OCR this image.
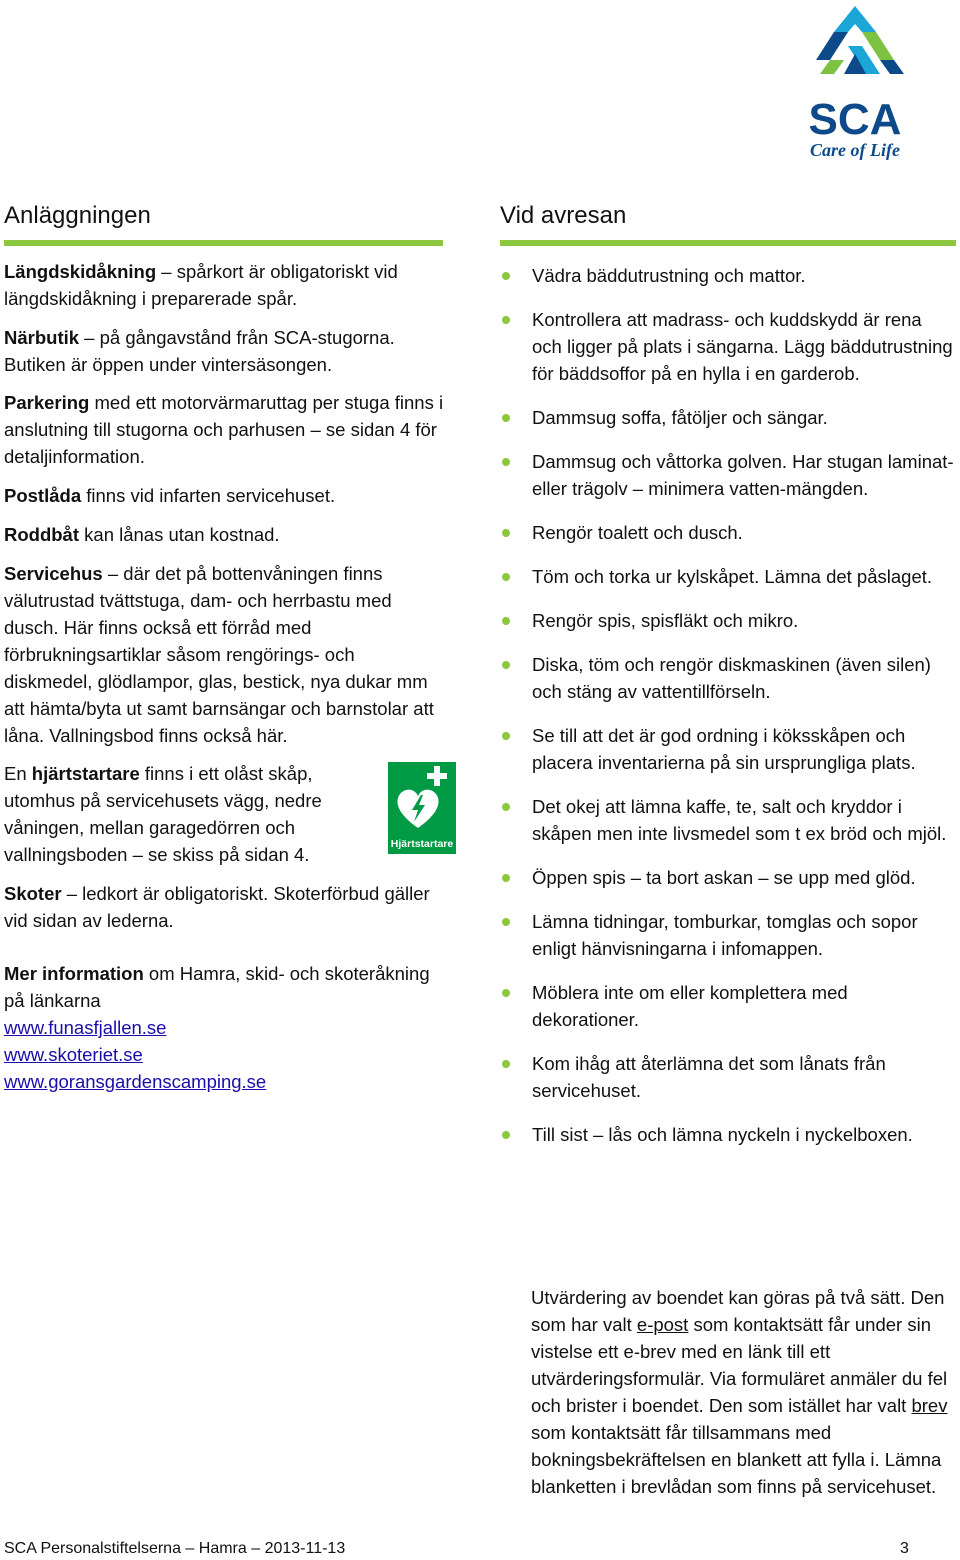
SCA
Care of Life
Anläggningen

Längdskidåkning – spårkort är obligatoriskt vid längdskidåkning i preparerade spår.

Närbutik – på gångavstånd från SCA-stugorna. Butiken är öppen under vintersäsongen.

Parkering med ett motorvärmaruttag per stuga finns i anslutning till stugorna och parhusen – se sidan 4 för detaljinformation.

Postlåda finns vid infarten servicehuset.

Roddbåt kan lånas utan kostnad.

Servicehus – där det på bottenvåningen finns välutrustad tvättstuga, dam- och herrbastu med dusch. Här finns också ett förråd med förbrukningsartiklar såsom rengörings- och diskmedel, glödlampor, glas, bestick, nya dukar mm att hämta/byta ut samt barnsängar och barnstolar att låna. Vallningsbod finns också här.

En hjärtstartare finns i ett olåst skåp, utomhus på servicehusets vägg, nedre våningen, mellan garagedörren och vallningsboden – se skiss på sidan 4.	Hjärtstartare

Skoter – ledkort är obligatoriskt. Skoterförbud gäller vid sidan av lederna.

Mer information om Hamra, skid- och skoteråkning på länkarna

www.funasfjallen.se
www.skoteriet.se
www.goransgardenscamping.se
Vid avresan
Vädra bäddutrustning och mattor.
Kontrollera att madrass- och kuddskydd är rena och ligger på plats i sängarna. Lägg bäddutrustning för bäddsoffor på en hylla i en garderob.
Dammsug soffa, fåtöljer och sängar.
Dammsug och våttorka golven. Har stugan laminat- eller trägolv – minimera vatten-mängden.
Rengör toalett och dusch.
Töm och torka ur kylskåpet. Lämna det påslaget.
Rengör spis, spisfläkt och mikro.
Diska, töm och rengör diskmaskinen (även silen) och stäng av vattentillförseln.
Se till att det är god ordning i köksskåpen och placera inventarierna på sin ursprungliga plats.
Det okej att lämna kaffe, te, salt och kryddor i skåpen men inte livsmedel som t ex bröd och mjöl.
Öppen spis – ta bort askan – se upp med glöd.
Lämna tidningar, tomburkar, tomglas och sopor enligt hänvisningarna i infomappen.
Möblera inte om eller komplettera med dekorationer.
Kom ihåg att återlämna det som lånats från servicehuset.
Till sist – lås och lämna nyckeln i nyckelboxen.

Utvärdering av boendet kan göras på två sätt. Den som har valt e-post som kontaktsätt får under sin vistelse ett e-brev med en länk till ett utvärderingsformulär. Via formuläret anmäler du fel och brister i boendet. Den som istället har valt brev som kontaktsätt får tillsammans med bokningsbekräftelsen en blankett att fylla i. Lämna blanketten i brevlådan som finns på servicehuset.

SCA Personalstiftelserna – Hamra – 2013-11-13	3
